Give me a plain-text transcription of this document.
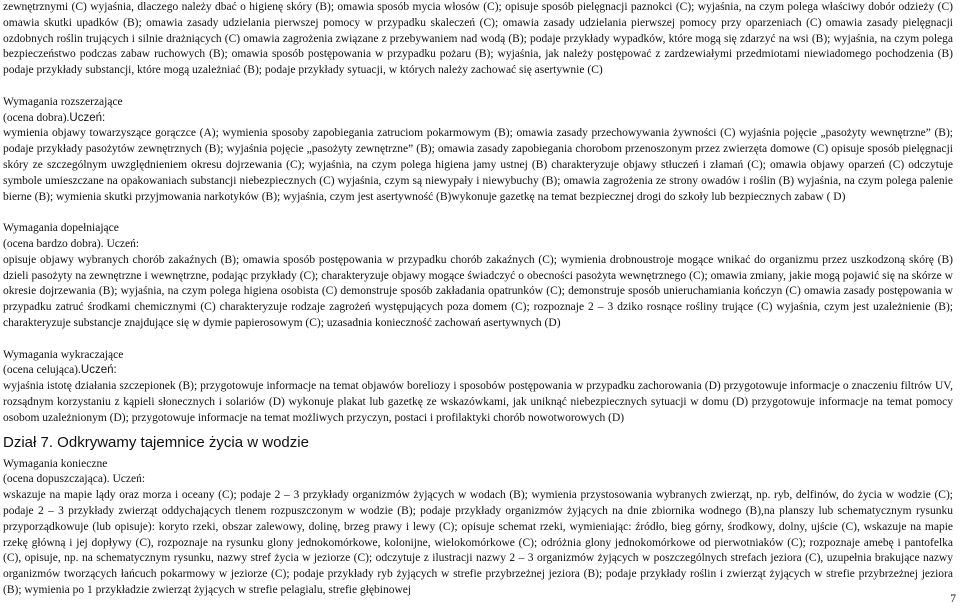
zewnętrznymi (C) wyjaśnia, dlaczego należy dbać o higienę skóry (B); omawia sposób mycia włosów (C); opisuje sposób pielęgnacji paznokci (C); wyjaśnia, na czym polega właściwy dobór odzieży (C) omawia skutki upadków (B); omawia zasady udzielania pierwszej pomocy w przypadku skaleczeń (C); omawia zasady udzielania pierwszej pomocy przy oparzeniach (C) omawia zasady pielęgnacji ozdobnych roślin trujących i silnie drażniących (C) omawia zagrożenia związane z przebywaniem nad wodą (B); podaje przykłady wypadków, które mogą się zdarzyć na wsi (B); wyjaśnia, na czym polega bezpieczeństwo podczas zabaw ruchowych (B); omawia sposób postępowania w przypadku pożaru (B); wyjaśnia, jak należy postępować z zardzewiałymi przedmiotami niewiadomego pochodzenia (B) podaje przykłady substancji, które mogą uzależniać (B); podaje przykłady sytuacji, w których należy zachować się asertywnie (C)

Wymagania rozszerzające
(ocena dobra).Uczeń:

wymienia objawy towarzyszące gorączce (A); wymienia sposoby zapobiegania zatruciom pokarmowym (B); omawia zasady przechowywania żywności (C) wyjaśnia pojęcie „pasożyty wewnętrzne” (B); podaje przykłady pasożytów zewnętrznych (B); wyjaśnia pojęcie „pasożyty zewnętrzne” (B); omawia zasady zapobiegania chorobom przenoszonym przez zwierzęta domowe (C) opisuje sposób pielęgnacji skóry ze szczególnym uwzględnieniem okresu dojrzewania (C); wyjaśnia, na czym polega higiena jamy ustnej (B) charakteryzuje objawy stłuczeń i złamań (C); omawia objawy oparzeń (C) odczytuje symbole umieszczane na opakowaniach substancji niebezpiecznych (C) wyjaśnia, czym są niewypały i niewybuchy (B); omawia zagrożenia ze strony owadów i roślin (B) wyjaśnia, na czym polega palenie bierne (B); wymienia skutki przyjmowania narkotyków (B); wyjaśnia, czym jest asertywność (B)wykonuje gazetkę na temat bezpiecznej drogi do szkoły lub bezpiecznych zabaw ( D)

Wymagania dopełniające
(ocena bardzo dobra). Uczeń:

opisuje objawy wybranych chorób zakaźnych (B); omawia sposób postępowania w przypadku chorób zakaźnych (C); wymienia drobnoustroje mogące wnikać do organizmu przez uszkodzoną skórę (B) dzieli pasożyty na zewnętrzne i wewnętrzne, podając przykłady (C); charakteryzuje objawy mogące świadczyć o obecności pasożyta wewnętrznego (C); omawia zmiany, jakie mogą pojawić się na skórze w okresie dojrzewania (B); wyjaśnia, na czym polega higiena osobista (C) demonstruje sposób zakładania opatrunków (C); demonstruje sposób unieruchamiania kończyn (C) omawia zasady postępowania w przypadku zatruć środkami chemicznymi (C) charakteryzuje rodzaje zagrożeń występujących poza domem (C); rozpoznaje 2 – 3 dziko rosnące rośliny trujące (C) wyjaśnia, czym jest uzależnienie (B); charakteryzuje substancje znajdujące się w dymie papierosowym (C); uzasadnia konieczność zachowań asertywnych (D)

Wymagania wykraczające
(ocena celująca).Uczeń:

wyjaśnia istotę działania szczepionek (B); przygotowuje informacje na temat objawów boreliozy i sposobów postępowania w przypadku zachorowania (D) przygotowuje informacje o znaczeniu filtrów UV, rozsądnym korzystaniu z kąpieli słonecznych i solariów (D) wykonuje plakat lub gazetkę ze wskazówkami, jak uniknąć niebezpiecznych sytuacji w domu (D) przygotowuje informacje na temat pomocy osobom uzależnionym (D); przygotowuje informacje na temat możliwych przyczyn, postaci i profilaktyki chorób nowotworowych (D)

Dział 7. Odkrywamy tajemnice życia w wodzie
Wymagania konieczne
(ocena dopuszczająca). Uczeń:

wskazuje na mapie lądy oraz morza i oceany (C); podaje 2 – 3 przykłady organizmów żyjących w wodach (B); wymienia przystosowania wybranych zwierząt, np. ryb, delfinów, do życia w wodzie (C); podaje 2 – 3 przykłady zwierząt oddychających tlenem rozpuszczonym w wodzie (B); podaje przykłady organizmów żyjących na dnie zbiornika wodnego (B),na planszy lub schematycznym rysunku przyporządkowuje (lub opisuje): koryto rzeki, obszar zalewowy, dolinę, brzeg prawy i lewy (C); opisuje schemat rzeki, wymieniając: źródło, bieg górny, środkowy, dolny, ujście (C), wskazuje na mapie rzekę główną i jej dopływy (C), rozpoznaje na rysunku glony jednokomórkowe, kolonijne, wielokomórkowe (C); odróżnia glony jednokomórkowe od pierwotniaków (C); rozpoznaje amebę i pantofelka (C), opisuje, np. na schematycznym rysunku, nazwy stref życia w jeziorze (C); odczytuje z ilustracji nazwy 2 – 3 organizmów żyjących w poszczególnych strefach jeziora (C), uzupełnia brakujące nazwy organizmów tworzących łańcuch pokarmowy w jeziorze (C); podaje przykłady ryb żyjących w strefie przybrzeżnej jeziora (B); podaje przykłady roślin i zwierząt żyjących w strefie przybrzeżnej jeziora (B); wymienia po 1 przykładzie zwierząt żyjących w strefie pelagialu, strefie głębinowej

7
